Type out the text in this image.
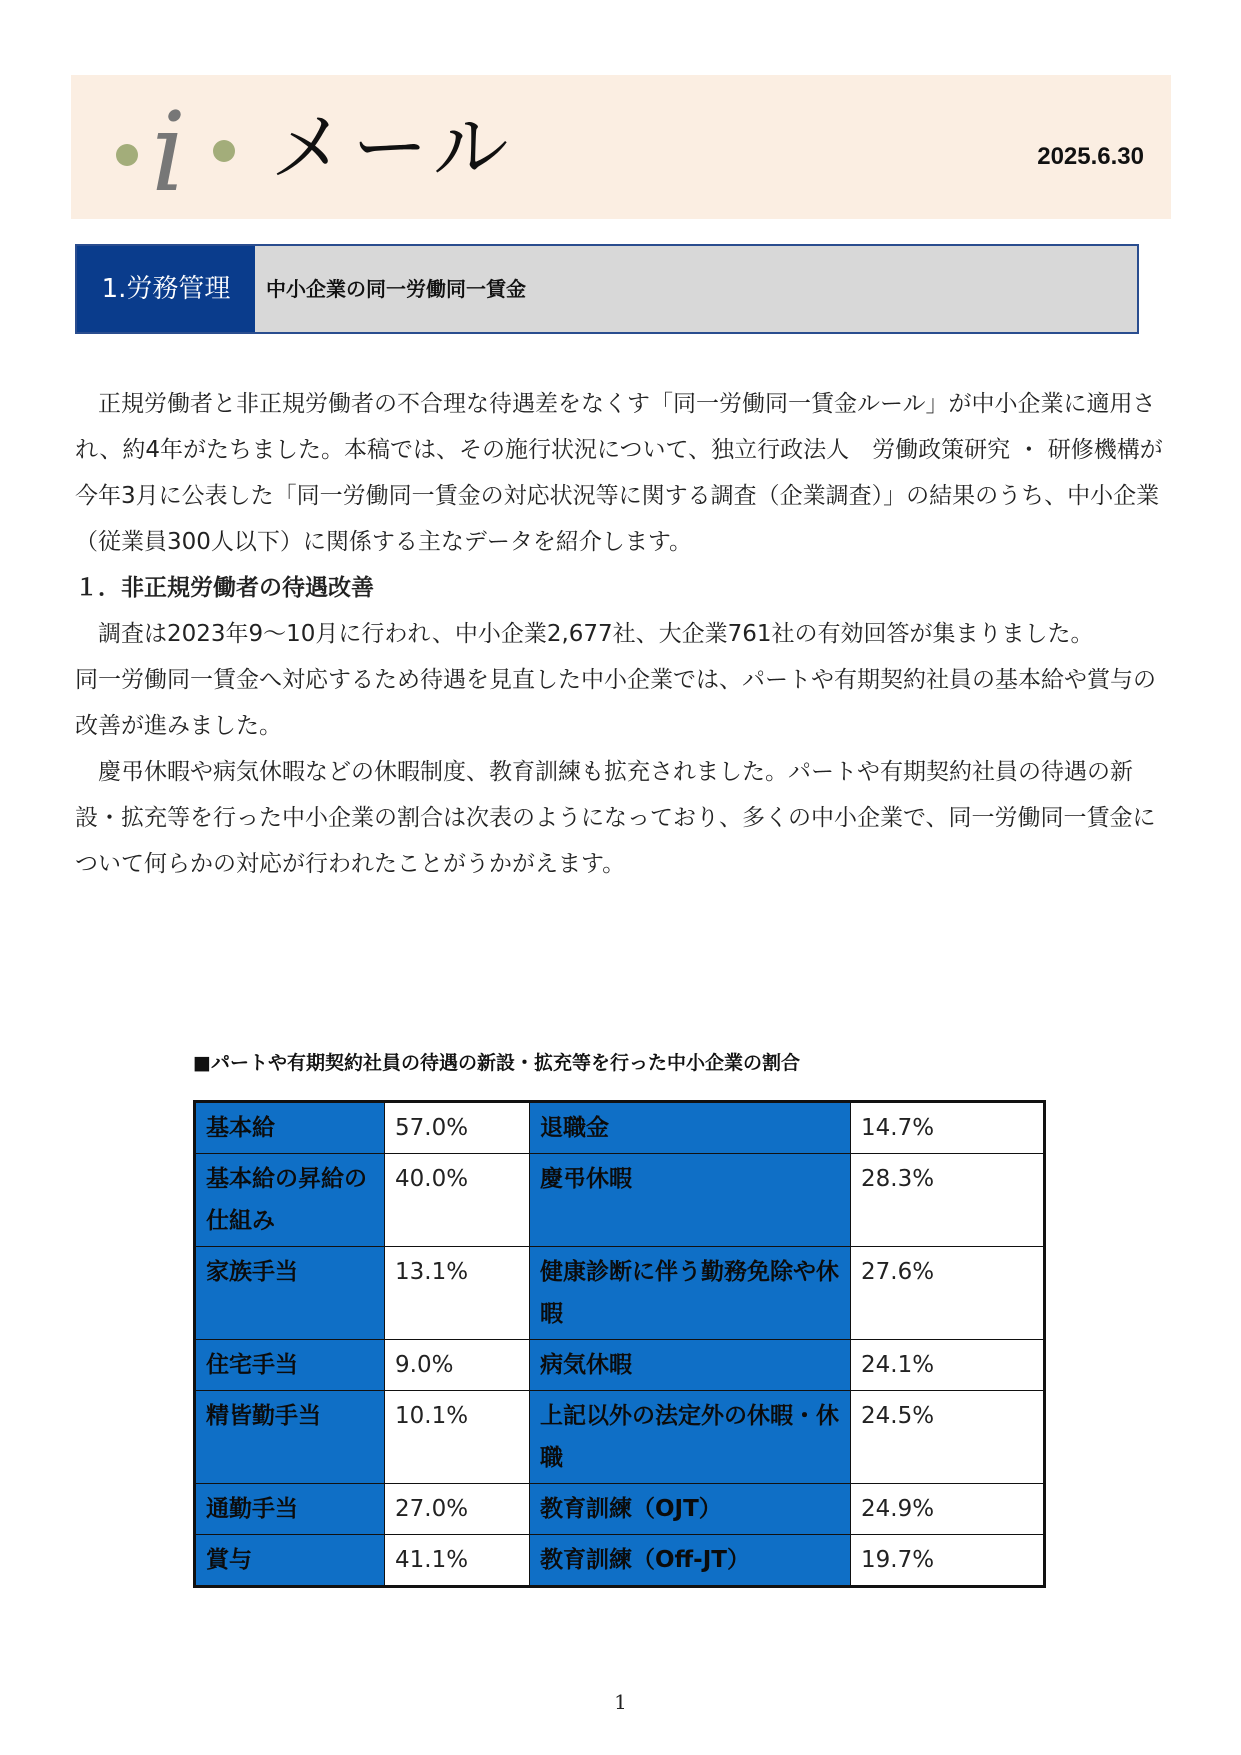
i メール	2025.6.30
1.労務管理	中小企業の同一労働同一賃金

正規労働者と非正規労働者の不合理な待遇差をなくす「同一労働同一賃金ルール」が中小企業に適用され、約4年がたちました。本稿では、その施行状況について、独立行政法人　労働政策研究 ・ 研修機構が今年3月に公表した「同一労働同一賃金の対応状況等に関する調査（企業調査）」の結果のうち、中小企業（従業員300人以下）に関係する主なデータを紹介します。

１．非正規労働者の待遇改善

調査は2023年9～10月に行われ、中小企業2,677社、大企業761社の有効回答が集まりました。

同一労働同一賃金へ対応するため待遇を見直した中小企業では、パートや有期契約社員の基本給や賞与の改善が進みました。

慶弔休暇や病気休暇などの休暇制度、教育訓練も拡充されました。パートや有期契約社員の待遇の新設・拡充等を行った中小企業の割合は次表のようになっており、多くの中小企業で、同一労働同一賃金について何らかの対応が行われたことがうかがえます。

■パートや有期契約社員の待遇の新設・拡充等を行った中小企業の割合
基本給	57.0%	退職金	14.7%
基本給の昇給の仕組み	40.0%	慶弔休暇	28.3%
家族手当	13.1%	健康診断に伴う勤務免除や休暇	27.6%
住宅手当	9.0%	病気休暇	24.1%
精皆勤手当	10.1%	上記以外の法定外の休暇・休職	24.5%
通勤手当	27.0%	教育訓練（OJT）	24.9%
賞与	41.1%	教育訓練（Off-JT）	19.7%
1
